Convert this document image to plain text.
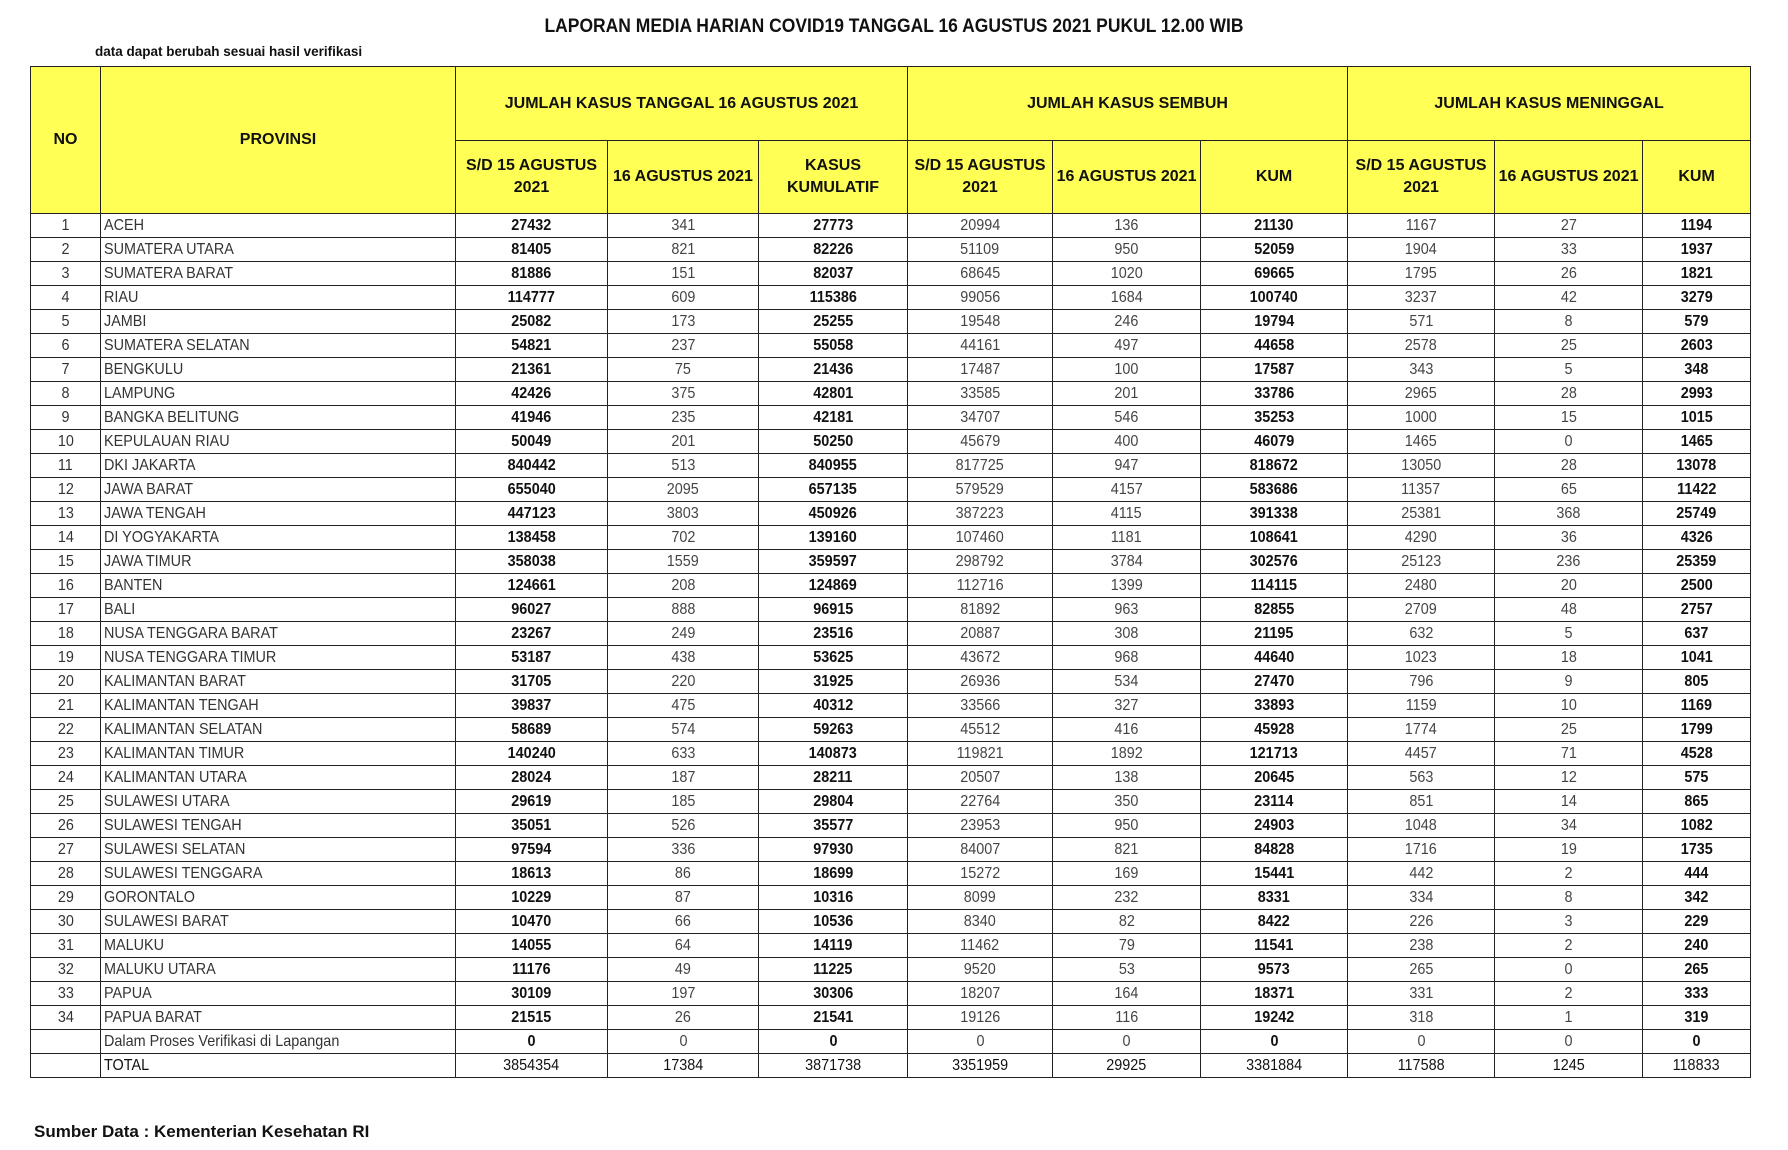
LAPORAN MEDIA HARIAN COVID19 TANGGAL 16 AGUSTUS 2021 PUKUL 12.00 WIB
data dapat berubah sesuai hasil verifikasi
NO	PROVINSI	JUMLAH KASUS TANGGAL 16 AGUSTUS 2021			JUMLAH KASUS SEMBUH			JUMLAH KASUS MENINGGAL		
		S/D 15 AGUSTUS 2021	16 AGUSTUS 2021	KASUS KUMULATIF	S/D 15 AGUSTUS 2021	16 AGUSTUS 2021	KUM	S/D 15 AGUSTUS 2021	16 AGUSTUS 2021	KUM
1	ACEH	27432	341	27773	20994	136	21130	1167	27	1194
2	SUMATERA UTARA	81405	821	82226	51109	950	52059	1904	33	1937
3	SUMATERA BARAT	81886	151	82037	68645	1020	69665	1795	26	1821
4	RIAU	114777	609	115386	99056	1684	100740	3237	42	3279
5	JAMBI	25082	173	25255	19548	246	19794	571	8	579
6	SUMATERA SELATAN	54821	237	55058	44161	497	44658	2578	25	2603
7	BENGKULU	21361	75	21436	17487	100	17587	343	5	348
8	LAMPUNG	42426	375	42801	33585	201	33786	2965	28	2993
9	BANGKA BELITUNG	41946	235	42181	34707	546	35253	1000	15	1015
10	KEPULAUAN RIAU	50049	201	50250	45679	400	46079	1465	0	1465
11	DKI JAKARTA	840442	513	840955	817725	947	818672	13050	28	13078
12	JAWA BARAT	655040	2095	657135	579529	4157	583686	11357	65	11422
13	JAWA TENGAH	447123	3803	450926	387223	4115	391338	25381	368	25749
14	DI YOGYAKARTA	138458	702	139160	107460	1181	108641	4290	36	4326
15	JAWA TIMUR	358038	1559	359597	298792	3784	302576	25123	236	25359
16	BANTEN	124661	208	124869	112716	1399	114115	2480	20	2500
17	BALI	96027	888	96915	81892	963	82855	2709	48	2757
18	NUSA TENGGARA BARAT	23267	249	23516	20887	308	21195	632	5	637
19	NUSA TENGGARA TIMUR	53187	438	53625	43672	968	44640	1023	18	1041
20	KALIMANTAN BARAT	31705	220	31925	26936	534	27470	796	9	805
21	KALIMANTAN TENGAH	39837	475	40312	33566	327	33893	1159	10	1169
22	KALIMANTAN SELATAN	58689	574	59263	45512	416	45928	1774	25	1799
23	KALIMANTAN TIMUR	140240	633	140873	119821	1892	121713	4457	71	4528
24	KALIMANTAN UTARA	28024	187	28211	20507	138	20645	563	12	575
25	SULAWESI UTARA	29619	185	29804	22764	350	23114	851	14	865
26	SULAWESI TENGAH	35051	526	35577	23953	950	24903	1048	34	1082
27	SULAWESI SELATAN	97594	336	97930	84007	821	84828	1716	19	1735
28	SULAWESI TENGGARA	18613	86	18699	15272	169	15441	442	2	444
29	GORONTALO	10229	87	10316	8099	232	8331	334	8	342
30	SULAWESI BARAT	10470	66	10536	8340	82	8422	226	3	229
31	MALUKU	14055	64	14119	11462	79	11541	238	2	240
32	MALUKU UTARA	11176	49	11225	9520	53	9573	265	0	265
33	PAPUA	30109	197	30306	18207	164	18371	331	2	333
34	PAPUA BARAT	21515	26	21541	19126	116	19242	318	1	319
	Dalam Proses Verifikasi di Lapangan	0	0	0	0	0	0	0	0	0
	TOTAL	3854354	17384	3871738	3351959	29925	3381884	117588	1245	118833
Sumber Data : Kementerian Kesehatan RI
